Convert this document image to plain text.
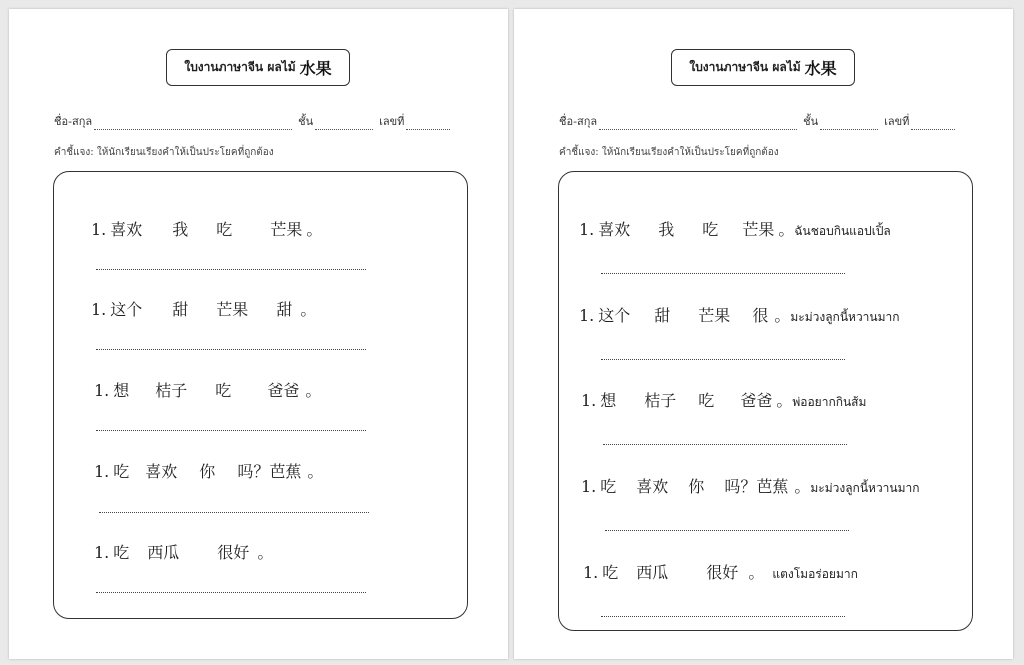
ใบงานภาษาจีน ผลไม้ 水果
ชื่อ-สกุล	ชั้น	เลขที่
คำชี้แจง: ให้นักเรียนเรียงคำให้เป็นประโยคที่ถูกต้อง
1. 喜欢 我 吃 芒果 。
1. 这个 甜 芒果 甜 。
1. 想 桔子 吃 爸爸 。
1. 吃 喜欢 你 吗？芭蕉 。
1. 吃 西瓜 很好 。
ใบงานภาษาจีน ผลไม้ 水果
ชื่อ-สกุล	ชั้น	เลขที่
คำชี้แจง: ให้นักเรียนเรียงคำให้เป็นประโยคที่ถูกต้อง
1. 喜欢 我 吃 芒果 。 ฉันชอบกินแอปเปิ้ล
1. 这个 甜 芒果 很 。 มะม่วงลูกนี้หวานมาก
1. 想 桔子 吃 爸爸 。 พ่ออยากกินส้ม
1. 吃 喜欢 你 吗？芭蕉 。 มะม่วงลูกนี้หวานมาก
1. 吃 西瓜 很好 。 แตงโมอร่อยมาก
